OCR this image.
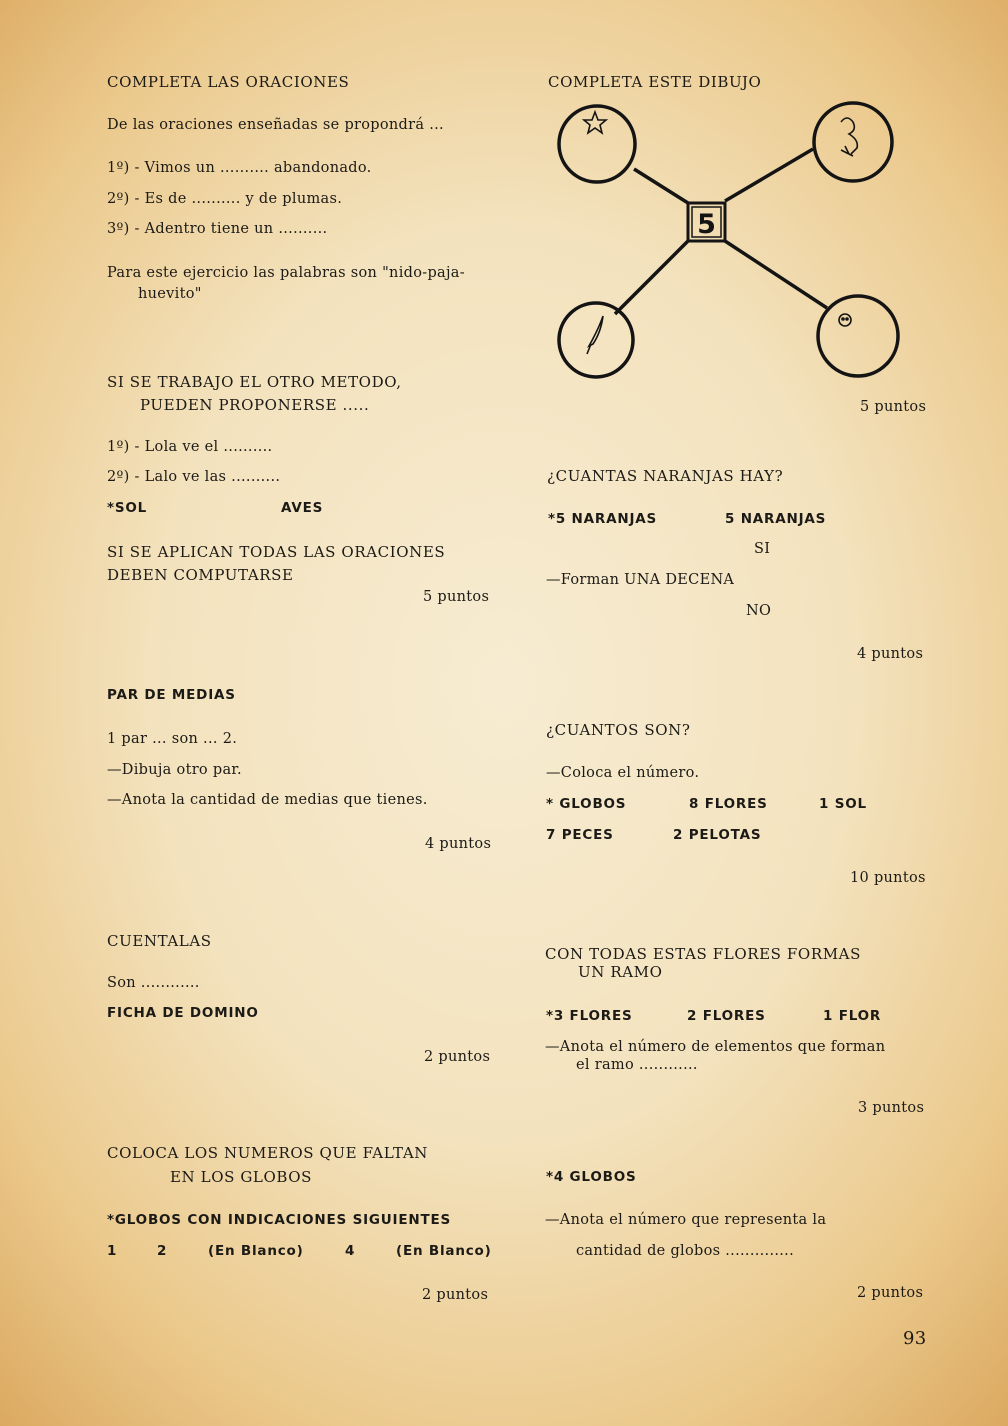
COMPLETA LAS ORACIONES
De las oraciones enseñadas se propondrá ...
1º) - Vimos un .......... abandonado.
2º) - Es de .......... y de plumas.
3º) - Adentro tiene un ..........
Para este ejercicio las palabras son "nido-paja-
huevito"
SI SE TRABAJO EL OTRO METODO,
PUEDEN PROPONERSE .....
1º) - Lola ve el ..........
2º) - Lalo ve las ..........
*SOL	AVES
SI SE APLICAN TODAS LAS ORACIONES
DEBEN COMPUTARSE
5 puntos
PAR DE MEDIAS
1 par ... son ... 2.
—Dibuja otro par.
—Anota la cantidad de medias que tienes.
4 puntos
CUENTALAS
Son ............
FICHA DE DOMINO
2 puntos
COLOCA LOS NUMEROS QUE FALTAN
EN LOS GLOBOS
*GLOBOS CON INDICACIONES SIGUIENTES
1	2	(En Blanco)	4	(En Blanco)
2 puntos
COMPLETA ESTE DIBUJO
5
5 puntos
¿CUANTAS NARANJAS HAY?
*5 NARANJAS	5 NARANJAS
SI
—Forman UNA DECENA
NO
4 puntos
¿CUANTOS SON?
—Coloca el número.
* GLOBOS	8 FLORES	1 SOL
7 PECES	2 PELOTAS
10 puntos
CON TODAS ESTAS FLORES FORMAS
UN RAMO
*3 FLORES	2 FLORES	1 FLOR
—Anota el número de elementos que forman
el ramo ............
3 puntos
*4 GLOBOS
—Anota el número que representa la
cantidad de globos ..............
2 puntos
93
